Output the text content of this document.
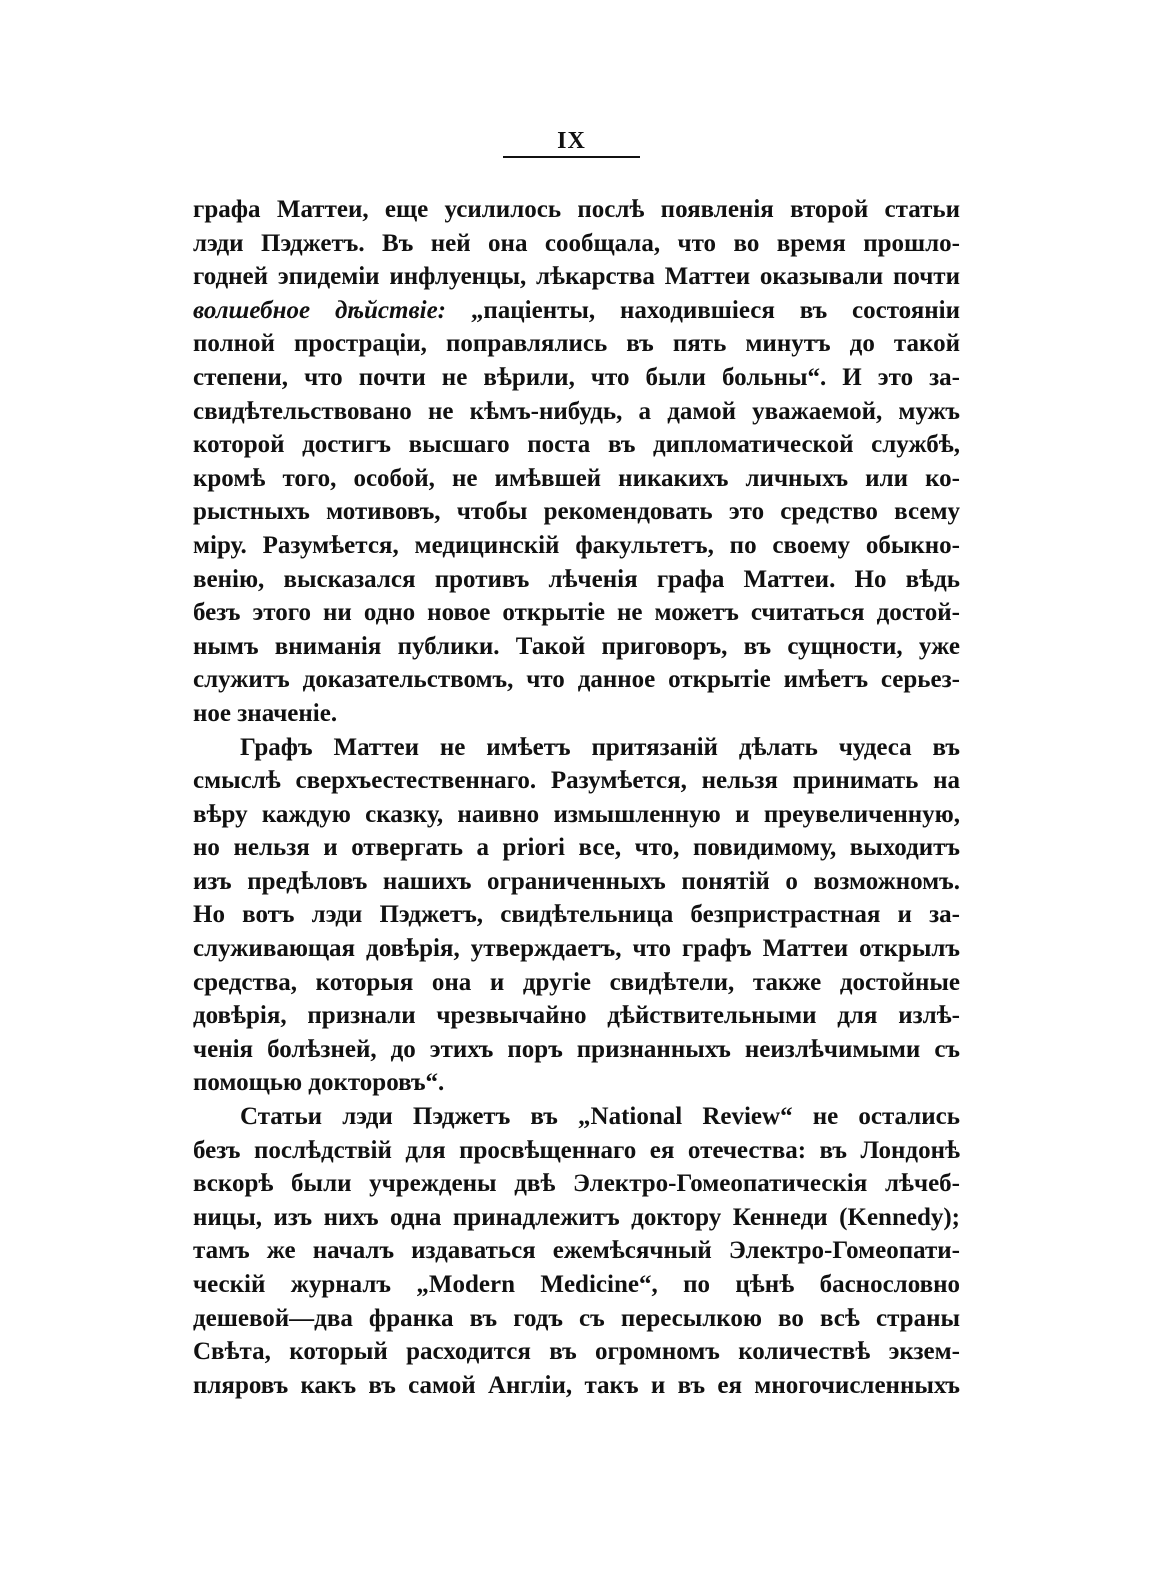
IX
графа Маттеи, еще усилилось послѣ появленія второй статьи
лэди Пэджетъ. Въ ней она сообщала, что во время прошло-
годней эпидеміи инфлуенцы, лѣкарства Маттеи оказывали почти
волшебное дѣйствіе: „паціенты, находившіеся въ состояніи
полной простраціи, поправлялись въ пять минутъ до такой
степени, что почти не вѣрили, что были больны“. И это за-
свидѣтельствовано не кѣмъ-нибудь, а дамой уважаемой, мужъ
которой достигъ высшаго поста въ дипломатической службѣ,
кромѣ того, особой, не имѣвшей никакихъ личныхъ или ко-
рыстныхъ мотивовъ, чтобы рекомендовать это средство всему
міру. Разумѣется, медицинскій факультетъ, по своему обыкно-
венію, высказался противъ лѣченія графа Маттеи. Но вѣдь
безъ этого ни одно новое открытіе не можетъ считаться достой-
нымъ вниманія публики. Такой приговоръ, въ сущности, уже
служитъ доказательствомъ, что данное открытіе имѣетъ серьез-
ное значеніе.
Графъ Маттеи не имѣетъ притязаній дѣлать чудеса въ
смыслѣ сверхъестественнаго. Разумѣется, нельзя принимать на
вѣру каждую сказку, наивно измышленную и преувеличенную,
но нельзя и отвергать a priori все, что, повидимому, выходитъ
изъ предѣловъ нашихъ ограниченныхъ понятій о возможномъ.
Но вотъ лэди Пэджетъ, свидѣтельница безпристрастная и за-
служивающая довѣрія, утверждаетъ, что графъ Маттеи открылъ
средства, которыя она и другіе свидѣтели, также достойные
довѣрія, признали чрезвычайно дѣйствительными для излѣ-
ченія болѣзней, до этихъ поръ признанныхъ неизлѣчимыми съ
помощью докторовъ“.
Статьи лэди Пэджетъ въ „National Review“ не остались
безъ послѣдствій для просвѣщеннаго ея отечества: въ Лондонѣ
вскорѣ были учреждены двѣ Электро-Гомеопатическія лѣчеб-
ницы, изъ нихъ одна принадлежитъ доктору Кеннеди (Kennedy);
тамъ же началъ издаваться ежемѣсячный Электро-Гомеопати-
ческій журналъ „Modern Medicine“, по цѣнѣ баснословно
дешевой—два франка въ годъ съ пересылкою во всѣ страны
Свѣта, который расходится въ огромномъ количествѣ экзем-
пляровъ какъ въ самой Англіи, такъ и въ ея многочисленныхъ
